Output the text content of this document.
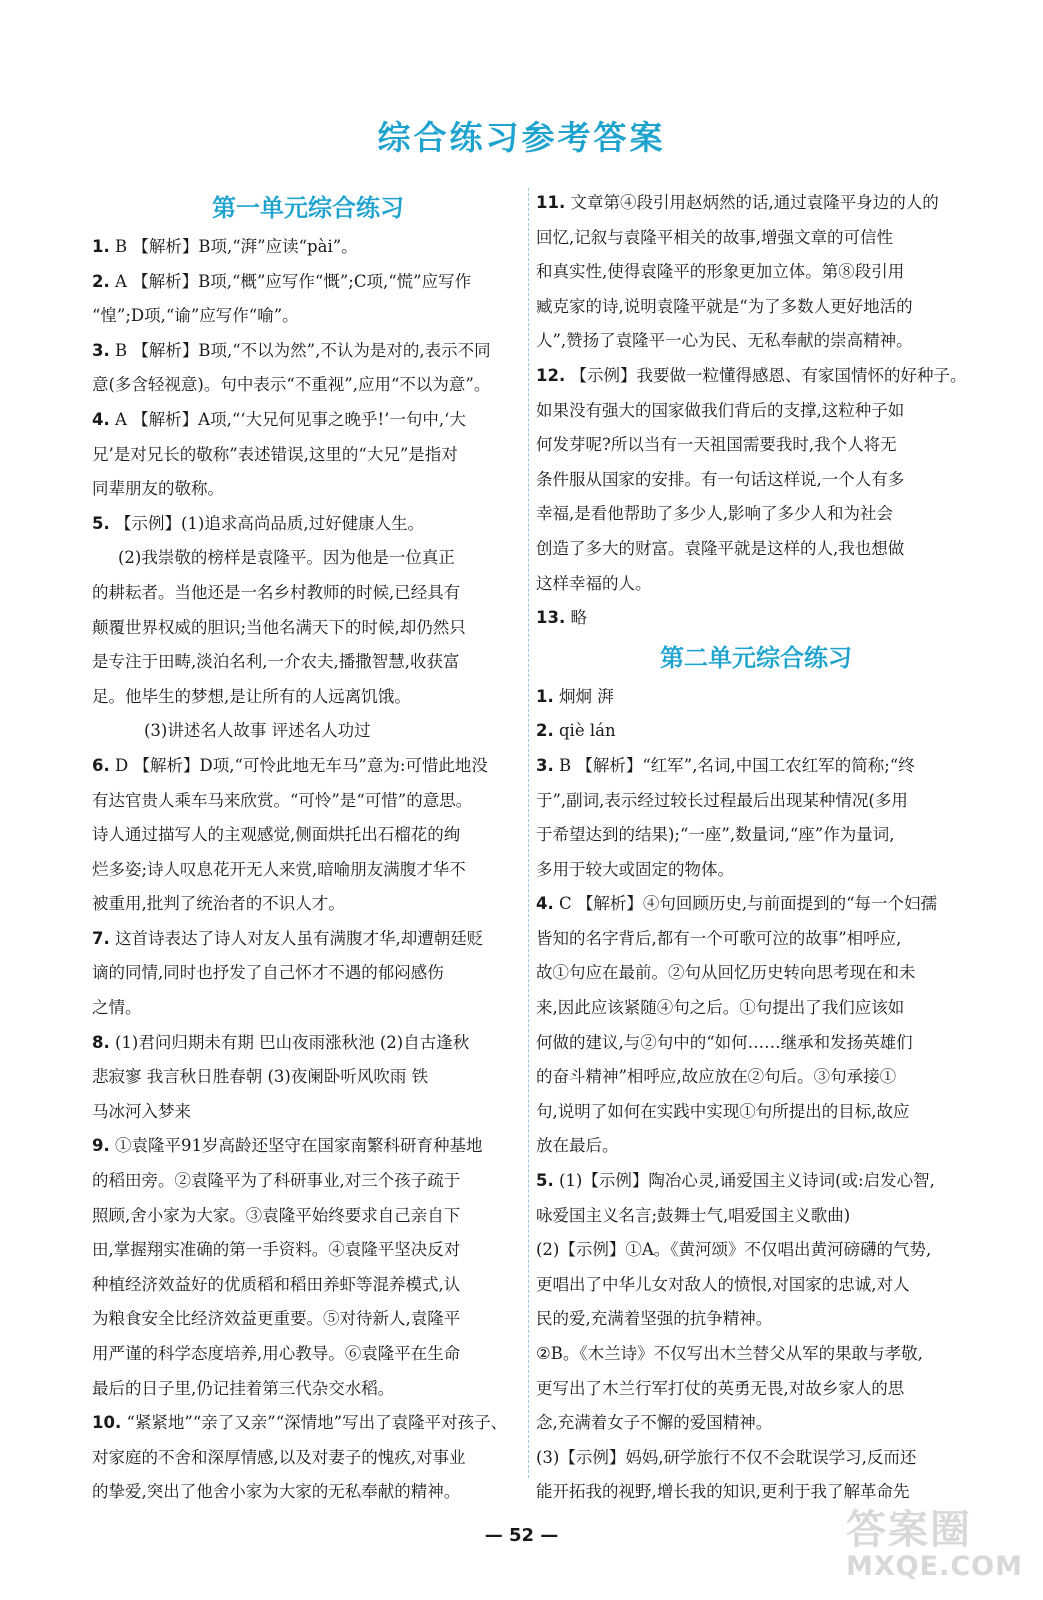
综合练习参考答案
第一单元综合练习
1. B 【解析】B项,“湃”应读“pài”。
2. A 【解析】B项,“概”应写作“慨”;C项,“慌”应写作
“惶”;D项,“谕”应写作“喻”。
3. B 【解析】B项,“不以为然”,不认为是对的,表示不同
意(多含轻视意)。句中表示“不重视”,应用“不以为意”。
4. A 【解析】A项,“‘大兄何见事之晚乎!’一句中,‘大
兄’是对兄长的敬称”表述错误,这里的“大兄”是指对
同辈朋友的敬称。
5. 【示例】(1)追求高尚品质,过好健康人生。
(2)我崇敬的榜样是袁隆平。因为他是一位真正
的耕耘者。当他还是一名乡村教师的时候,已经具有
颠覆世界权威的胆识;当他名满天下的时候,却仍然只
是专注于田畴,淡泊名利,一介农夫,播撒智慧,收获富
足。他毕生的梦想,是让所有的人远离饥饿。
(3)讲述名人故事 评述名人功过
6. D 【解析】D项,“可怜此地无车马”意为:可惜此地没
有达官贵人乘车马来欣赏。“可怜”是“可惜”的意思。
诗人通过描写人的主观感觉,侧面烘托出石榴花的绚
烂多姿;诗人叹息花开无人来赏,暗喻朋友满腹才华不
被重用,批判了统治者的不识人才。
7. 这首诗表达了诗人对友人虽有满腹才华,却遭朝廷贬
谪的同情,同时也抒发了自己怀才不遇的郁闷感伤
之情。
8. (1)君问归期未有期 巴山夜雨涨秋池 (2)自古逢秋
悲寂寥 我言秋日胜春朝 (3)夜阑卧听风吹雨 铁
马冰河入梦来
9. ①袁隆平91岁高龄还坚守在国家南繁科研育种基地
的稻田旁。②袁隆平为了科研事业,对三个孩子疏于
照顾,舍小家为大家。③袁隆平始终要求自己亲自下
田,掌握翔实准确的第一手资料。④袁隆平坚决反对
种植经济效益好的优质稻和稻田养虾等混养模式,认
为粮食安全比经济效益更重要。⑤对待新人,袁隆平
用严谨的科学态度培养,用心教导。⑥袁隆平在生命
最后的日子里,仍记挂着第三代杂交水稻。
10. “紧紧地”“亲了又亲”“深情地”写出了袁隆平对孩子、
对家庭的不舍和深厚情感,以及对妻子的愧疚,对事业
的挚爱,突出了他舍小家为大家的无私奉献的精神。
11. 文章第④段引用赵炳然的话,通过袁隆平身边的人的
回忆,记叙与袁隆平相关的故事,增强文章的可信性
和真实性,使得袁隆平的形象更加立体。第⑧段引用
臧克家的诗,说明袁隆平就是“为了多数人更好地活的
人”,赞扬了袁隆平一心为民、无私奉献的崇高精神。
12. 【示例】我要做一粒懂得感恩、有家国情怀的好种子。
如果没有强大的国家做我们背后的支撑,这粒种子如
何发芽呢?所以当有一天祖国需要我时,我个人将无
条件服从国家的安排。有一句话这样说,一个人有多
幸福,是看他帮助了多少人,影响了多少人和为社会
创造了多大的财富。袁隆平就是这样的人,我也想做
这样幸福的人。
13. 略
第二单元综合练习
1. 炯炯 湃
2. qiè lán
3. B 【解析】“红军”,名词,中国工农红军的简称;“终
于”,副词,表示经过较长过程最后出现某种情况(多用
于希望达到的结果);“一座”,数量词,“座”作为量词,
多用于较大或固定的物体。
4. C 【解析】④句回顾历史,与前面提到的“每一个妇孺
皆知的名字背后,都有一个可歌可泣的故事”相呼应,
故①句应在最前。②句从回忆历史转向思考现在和未
来,因此应该紧随④句之后。①句提出了我们应该如
何做的建议,与②句中的“如何……继承和发扬英雄们
的奋斗精神”相呼应,故应放在②句后。③句承接①
句,说明了如何在实践中实现①句所提出的目标,故应
放在最后。
5. (1)【示例】陶冶心灵,诵爱国主义诗词(或:启发心智,
咏爱国主义名言;鼓舞士气,唱爱国主义歌曲)
(2)【示例】①A。《黄河颂》不仅唱出黄河磅礴的气势,
更唱出了中华儿女对敌人的愤恨,对国家的忠诚,对人
民的爱,充满着坚强的抗争精神。
②B。《木兰诗》不仅写出木兰替父从军的果敢与孝敬,
更写出了木兰行军打仗的英勇无畏,对故乡家人的思
念,充满着女子不懈的爱国精神。
(3)【示例】妈妈,研学旅行不仅不会耽误学习,反而还
能开拓我的视野,增长我的知识,更利于我了解革命先
— 52 —	答案圈
MXQE.COM
